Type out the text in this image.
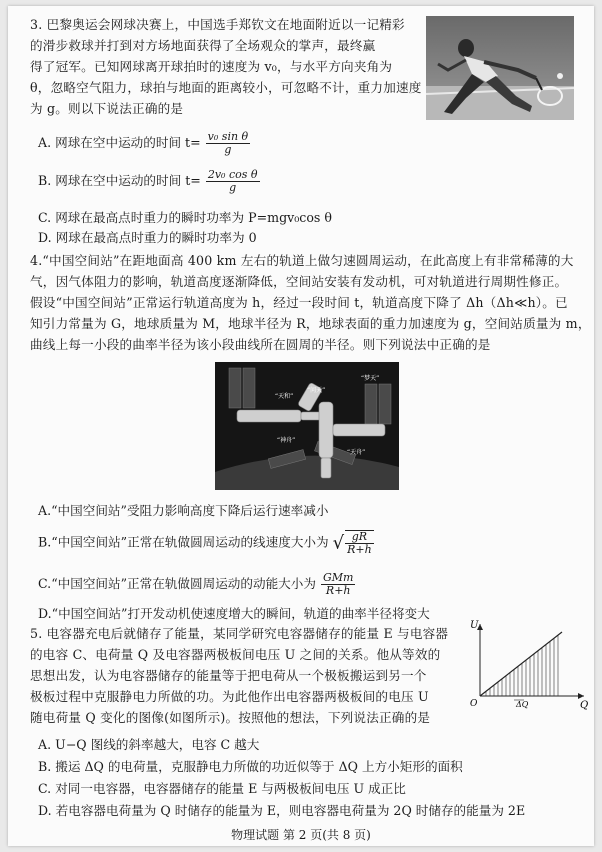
3. 巴黎奥运会网球决赛上，中国选手郑钦文在地面附近以一记精彩
的滑步救球并打到对方场地面获得了全场观众的掌声，最终赢
得了冠军。已知网球离开球拍时的速度为 v₀，与水平方向夹角为
θ，忽略空气阻力，球拍与地面的距离较小，可忽略不计，重力加速度
为 g。则以下说法正确的是
A. 网球在空中运动的时间 $t= \frac{\text{v₀ sin θ}}{g}$
B. 网球在空中运动的时间 $t= \frac{\text{2v₀ cos θ}}{g}$
C. 网球在最高点时重力的瞬时功率为 P=mgv₀cos θ
D. 网球在最高点时重力的瞬时功率为 0
4.“中国空间站”在距地面高 400 km 左右的轨道上做匀速圆周运动，在此高度上有非常稀薄的大
气，因气体阻力的影响，轨道高度逐渐降低，空间站安装有发动机，可对轨道进行周期性修正。
假设“中国空间站”正常运行轨道高度为 h，经过一段时间 t，轨道高度下降了 Δh（Δh≪h）。已
知引力常量为 G，地球质量为 M，地球半径为 R，地球表面的重力加速度为 g，空间站质量为 m，
曲线上每一小段的曲率半径为该小段曲线所在圆周的半径。则下列说法中正确的是
“天和”
“问天”
“梦天”
“天舟”
“神舟”
A.“中国空间站”受阻力影响高度下降后运行速率减小
B.“中国空间站”正常在轨做圆周运动的线速度大小为 √ $\frac{gR}{R+h}$
C.“中国空间站”正常在轨做圆周运动的动能大小为 $\frac{\text{GMm}}{R+h}$
D.“中国空间站”打开发动机使速度增大的瞬间，轨道的曲率半径将变大
5. 电容器充电后就储存了能量，某同学研究电容器储存的能量 E 与电容器
的电容 C、电荷量 Q 及电容器两极板间电压 U 之间的关系。他从等效的
思想出发，认为电容器储存的能量等于把电荷从一个极板搬运到另一个
极板过程中克服静电力所做的功。为此他作出电容器两极板间的电压 U
随电荷量 Q 变化的图像(如图所示)。按照他的想法，下列说法正确的是
U
Q
O	ΔQ
A. U−Q 图线的斜率越大，电容 C 越大
B. 搬运 ΔQ 的电荷量，克服静电力所做的功近似等于 ΔQ 上方小矩形的面积
C. 对同一电容器，电容器储存的能量 E 与两极板间电压 U 成正比
D. 若电容器电荷量为 Q 时储存的能量为 E，则电容器电荷量为 2Q 时储存的能量为 2E
物理试题 第 2 页(共 8 页)
